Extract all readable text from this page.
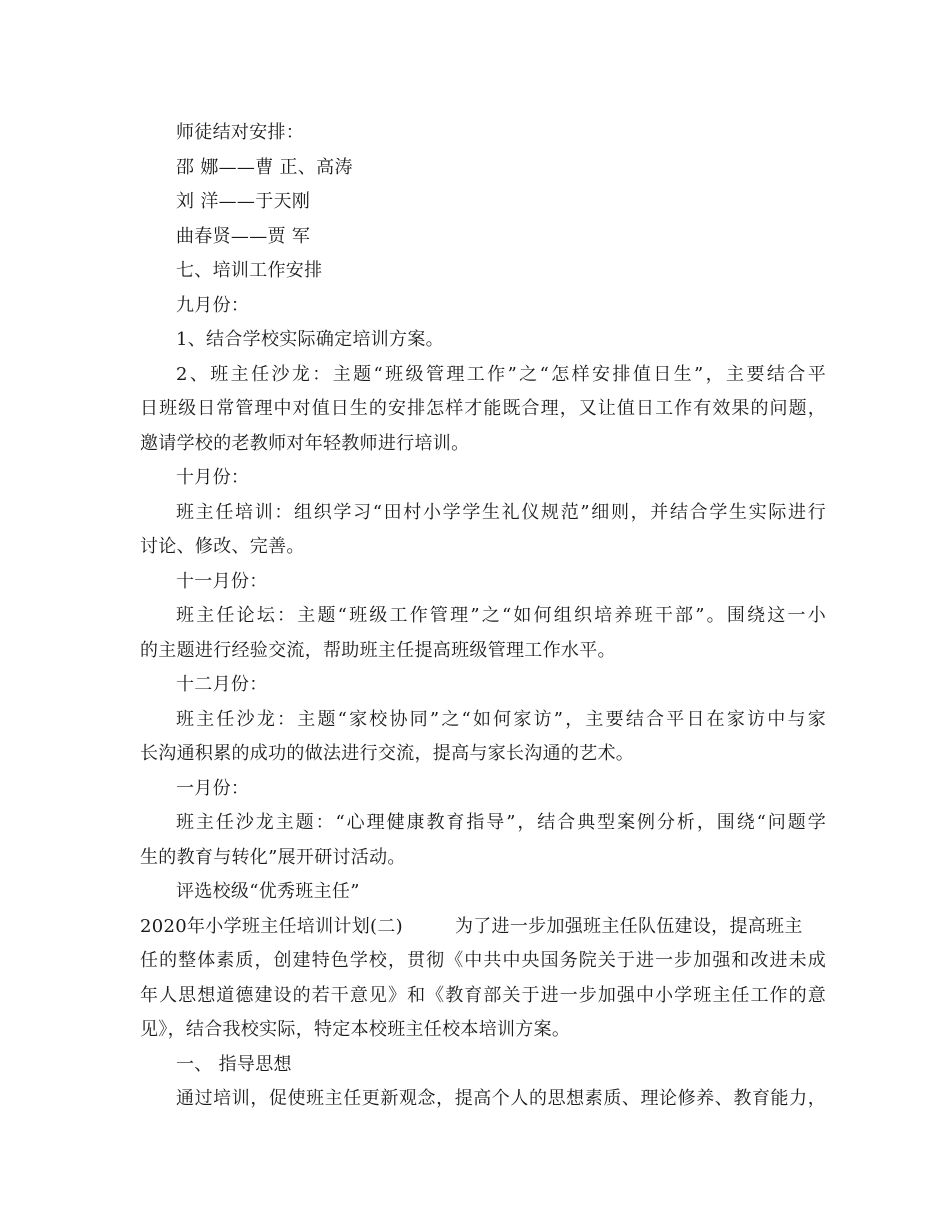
师徒结对安排：
邵 娜——曹 正、高涛
刘 洋——于天刚
曲春贤——贾 军
七、培训工作安排
九月份：
1、结合学校实际确定培训方案。
2、班主任沙龙：主题“班级管理工作”之“怎样安排值日生”，主要结合平
日班级日常管理中对值日生的安排怎样才能既合理，又让值日工作有效果的问题，
邀请学校的老教师对年轻教师进行培训。
十月份：
班主任培训：组织学习“田村小学学生礼仪规范”细则，并结合学生实际进行
讨论、修改、完善。
十一月份：
班主任论坛：主题“班级工作管理”之“如何组织培养班干部”。围绕这一小
的主题进行经验交流，帮助班主任提高班级管理工作水平。
十二月份：
班主任沙龙：主题“家校协同”之“如何家访”，主要结合平日在家访中与家
长沟通积累的成功的做法进行交流，提高与家长沟通的艺术。
一月份：
班主任沙龙主题：“心理健康教育指导”，结合典型案例分析，围绕“问题学
生的教育与转化”展开研讨活动。
评选校级“优秀班主任”
2020年小学班主任培训计划(二)	为了进一步加强班主任队伍建设，提高班主
任的整体素质，创建特色学校，贯彻《中共中央国务院关于进一步加强和改进未成
年人思想道德建设的若干意见》和《教育部关于进一步加强中小学班主任工作的意
见》，结合我校实际，特定本校班主任校本培训方案。
一、 指导思想
通过培训，促使班主任更新观念，提高个人的思想素质、理论修养、教育能力，
